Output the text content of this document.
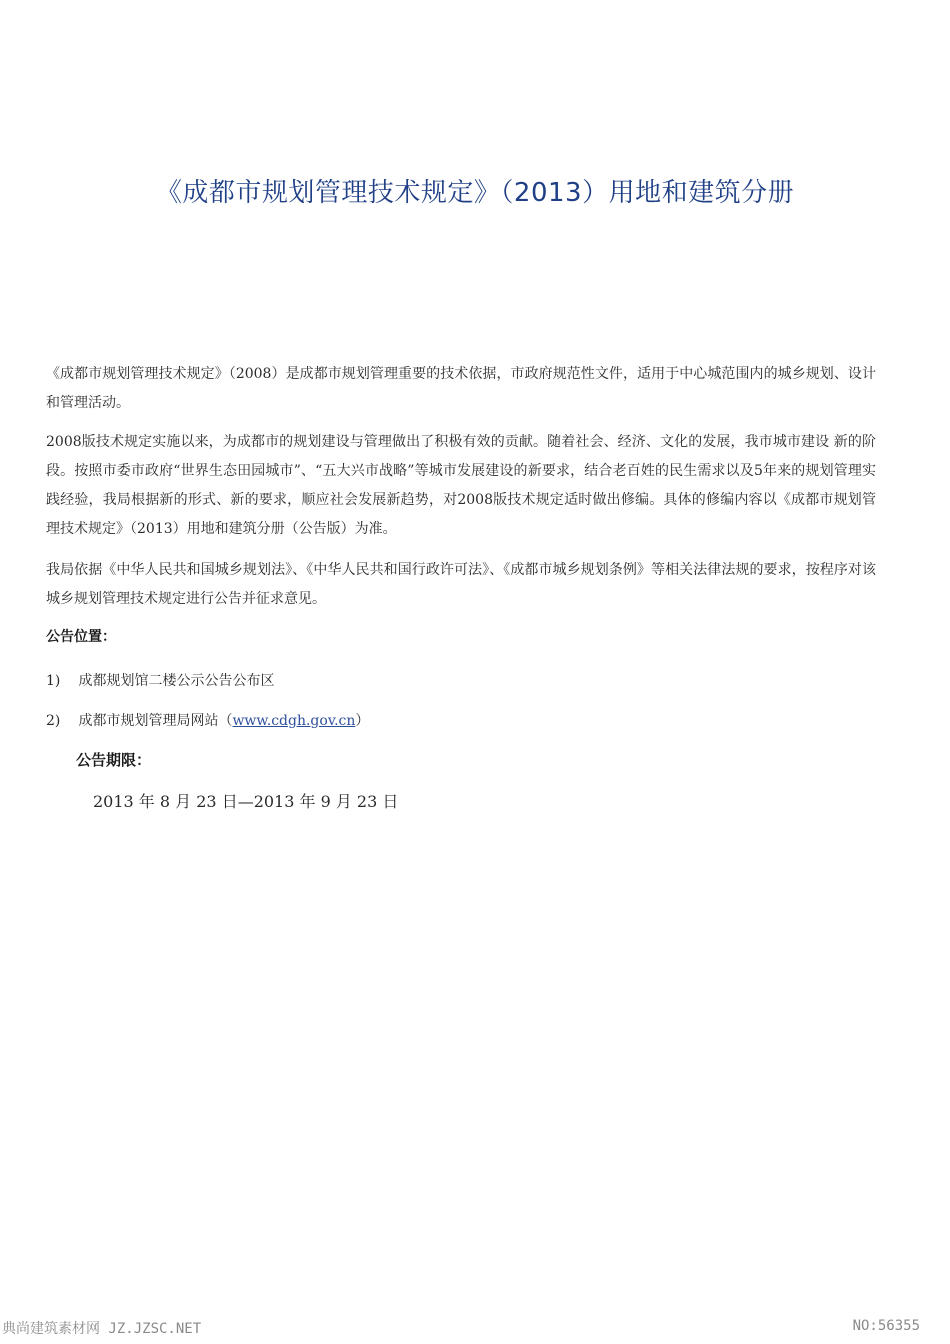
《成都市规划管理技术规定》（2013）用地和建筑分册

《成都市规划管理技术规定》（2008）是成都市规划管理重要的技术依据，市政府规范性文件，适用于中心城范围内的城乡规划、设计和管理活动。

2008版技术规定实施以来，为成都市的规划建设与管理做出了积极有效的贡献。随着社会、经济、文化的发展，我市城市建设 新的阶段。按照市委市政府“世界生态田园城市”、“五大兴市战略”等城市发展建设的新要求，结合老百姓的民生需求以及5年来的规划管理实践经验，我局根据新的形式、新的要求，顺应社会发展新趋势，对2008版技术规定适时做出修编。具体的修编内容以《成都市规划管理技术规定》（2013）用地和建筑分册（公告版）为准。

我局依据《中华人民共和国城乡规划法》、《中华人民共和国行政许可法》、《成都市城乡规划条例》等相关法律法规的要求，按程序对该城乡规划管理技术规定进行公告并征求意见。

公告位置：
1) 成都规划馆二楼公示公告公布区
2) 成都市规划管理局网站（www.cdgh.gov.cn）
公告期限：
2013 年 8 月 23 日—2013 年 9 月 23 日
典尚建筑素材网 JZ.JZSC.NET	NO:56355
